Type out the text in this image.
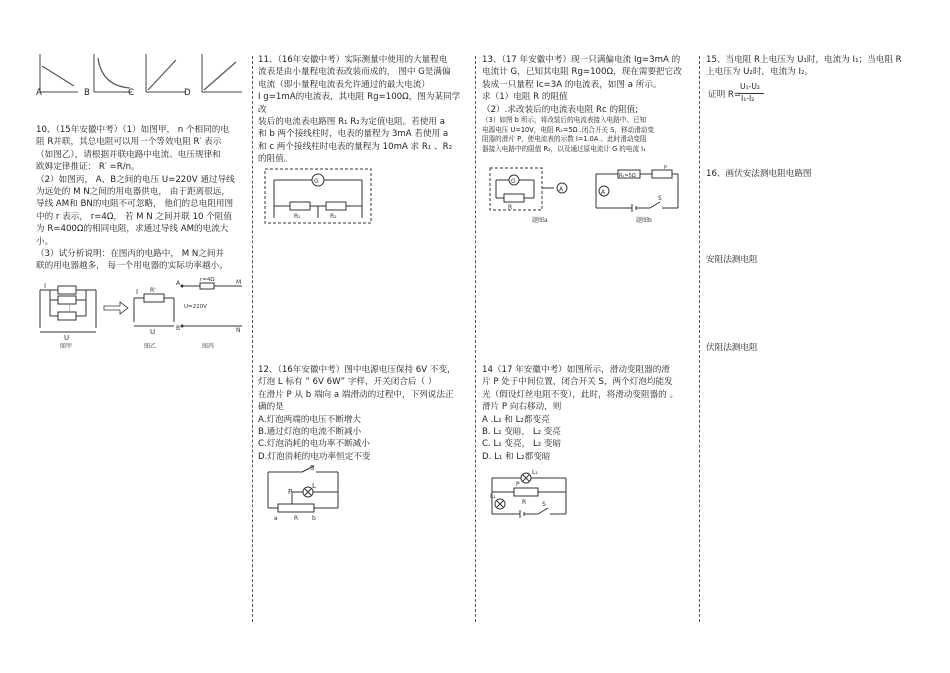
A	B	C	D

10、（15年安徽中考）（1）如图甲， n 个相同的电

阻 R并联，其总电阻可以用一个等效电阻 R′ 表示

（如图乙），请根据并联电路中电流、电压规律和

欧姆定律推证： R′ =R/n。

（2）如图丙， A、B之间的电压 U=220V 通过导线

为远处的 M N之间的用电器供电， 由于距离很远，

导线 AM和 BN的电阻不可忽略， 他们的总电阻用图

中的 r 表示， r=4Ω， 若 M N 之间并联 10 个阻值

为 R=400Ω的相同电阻，求通过导线 AM的电流大

小。

（3）试分析说明：在图丙的电路中， M N之间并

联的用电器越多， 每一个用电器的实际功率越小。

I
⋮
U
I R'
U
A
B
M
N
r=4Ω
U=220V
图甲	图乙	图丙

11、（16年安徽中考）实际测量中使用的大量程电

流表是由小量程电流表改装而成的， 图中 G是满偏

电流（即小量程电流表允许通过的最大电流）

I g=1mA的电流表，其电阻 Rg=100Ω，图为某同学改

装后的电流表电路图 R₁ R₂为定值电阻。若使用 a

和 b 两个接线柱时，电表的量程为 3mA 若使用 a

和 c 两个接线柱时电表的量程为 10mA 求 R₁ 、R₂

的阻值。

G
R₁	R₂

12、（16年安徽中考）图中电源电压保持 6V 不变，

灯泡 L 标有 ” 6V 6W” 字样，开关闭合后（ ）

在滑片 P 从 b 端向 a 端滑动的过程中，下列说法正

确的是

A.灯泡两端的电压不断增大

B.通过灯泡的电流不断减小

C.灯泡消耗的电功率不断减小

D.灯泡消耗的电功率恒定不变

S
P
L
a	R b

13、（17 年安徽中考）现一只满偏电流 Ig=3mA 的

电流计 G，已知其电阻 Rg=100Ω，现在需要把它改

装成一只量程 Ic=3A 的电流表，如图 a 所示。

求（1）电阻 R 的阻值

（2）.求改装后的电流表电阻 Rc 的阻值;

（3）如图 b 所示，将改装后的电流表接入电路中。已知

电源电压 U=10V，电阻 R₁=5Ω .闭合开关 S，移动滑动变

阻器的滑片 P，使电流表的示数 I=1.0A 。此时滑动变阻

器接入电路中的阻值 R₂，以及通过原电流计 G 的电流 I₁

G
R
A	A
R₁=5Ω
P
S
题图a	题图b

14（17 年安徽中考）如图所示，滑动变阻器的滑

片 P 处于中间位置，闭合开关 S，两个灯泡均能发

光（假设灯丝电阻不变），此时，将滑动变阻器的 。

滑片 P 向右移动，则

A .L₁ 和 L₂都变亮

B. L₁ 变暗， L₂ 变亮

C. L₁ 变亮， L₂ 变暗

D. L₁ 和 L₂都变暗

L₂
R
P
L₁
S

15、当电阻 R上电压为 U₁时，电流为 I₁；当电阻 R

上电压为 U₂时，电流为 I₂。

证明 R=
U₁-U₂
I₁-I₂

16、画伏安法测电阻电路图

安阻法测电阻

伏阻法测电阻
